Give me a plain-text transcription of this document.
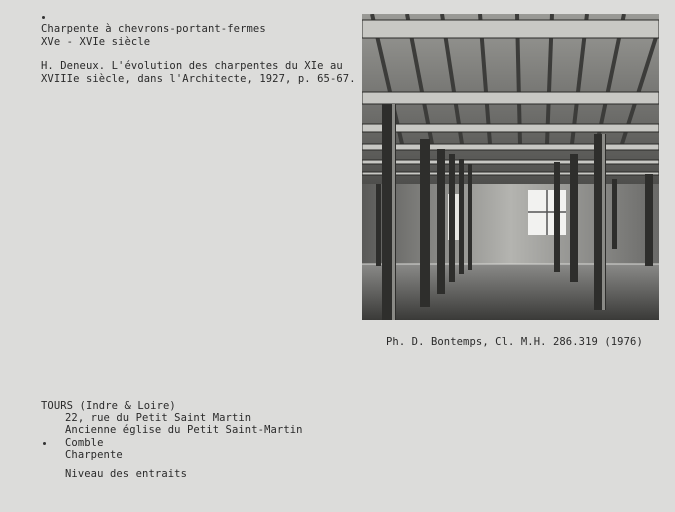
Charpente à chevrons-portant-fermes
XVe - XVIe siècle
H. Deneux. L'évolution des charpentes du XIe au
XVIIIe siècle, dans l'Architecte, 1927, p. 65-67.
Ph. D. Bontemps, Cl. M.H. 286.319 (1976)
TOURS (Indre & Loire)
22, rue du Petit Saint Martin
Ancienne église du Petit Saint-Martin
Comble
Charpente
Niveau des entraits
